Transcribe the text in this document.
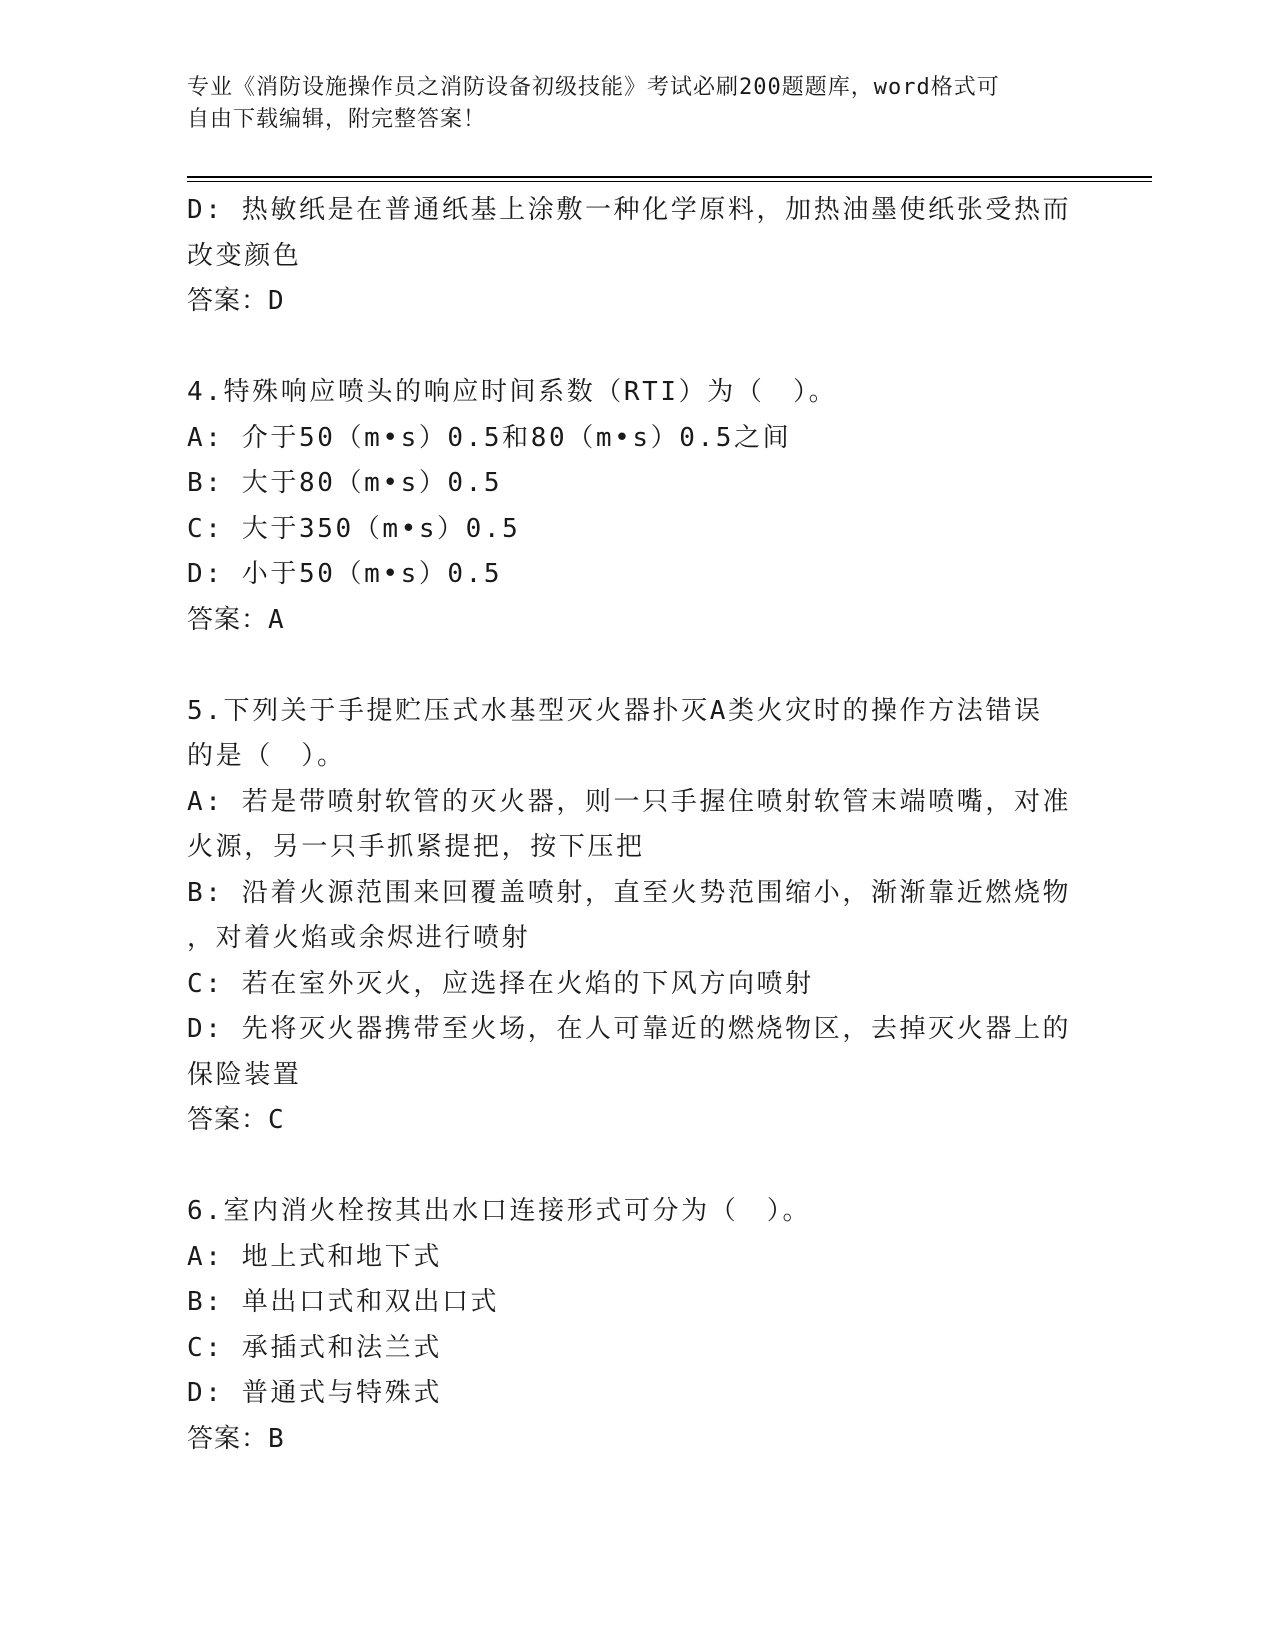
专业《消防设施操作员之消防设备初级技能》考试必刷200题题库，word格式可
自由下载编辑，附完整答案！
D: 热敏纸是在普通纸基上涂敷一种化学原料，加热油墨使纸张受热而
改变颜色
答案：D
4.特殊响应喷头的响应时间系数（RTI）为（　）。
A: 介于50（m•s）0.5和80（m•s）0.5之间
B: 大于80（m•s）0.5
C: 大于350（m•s）0.5
D: 小于50（m•s）0.5
答案：A
5.下列关于手提贮压式水基型灭火器扑灭A类火灾时的操作方法错误
的是（　）。
A: 若是带喷射软管的灭火器，则一只手握住喷射软管末端喷嘴，对准
火源，另一只手抓紧提把，按下压把
B: 沿着火源范围来回覆盖喷射，直至火势范围缩小，渐渐靠近燃烧物
，对着火焰或余烬进行喷射
C: 若在室外灭火，应选择在火焰的下风方向喷射
D: 先将灭火器携带至火场，在人可靠近的燃烧物区，去掉灭火器上的
保险装置
答案：C
6.室内消火栓按其出水口连接形式可分为（　）。
A: 地上式和地下式
B: 单出口式和双出口式
C: 承插式和法兰式
D: 普通式与特殊式
答案：B
